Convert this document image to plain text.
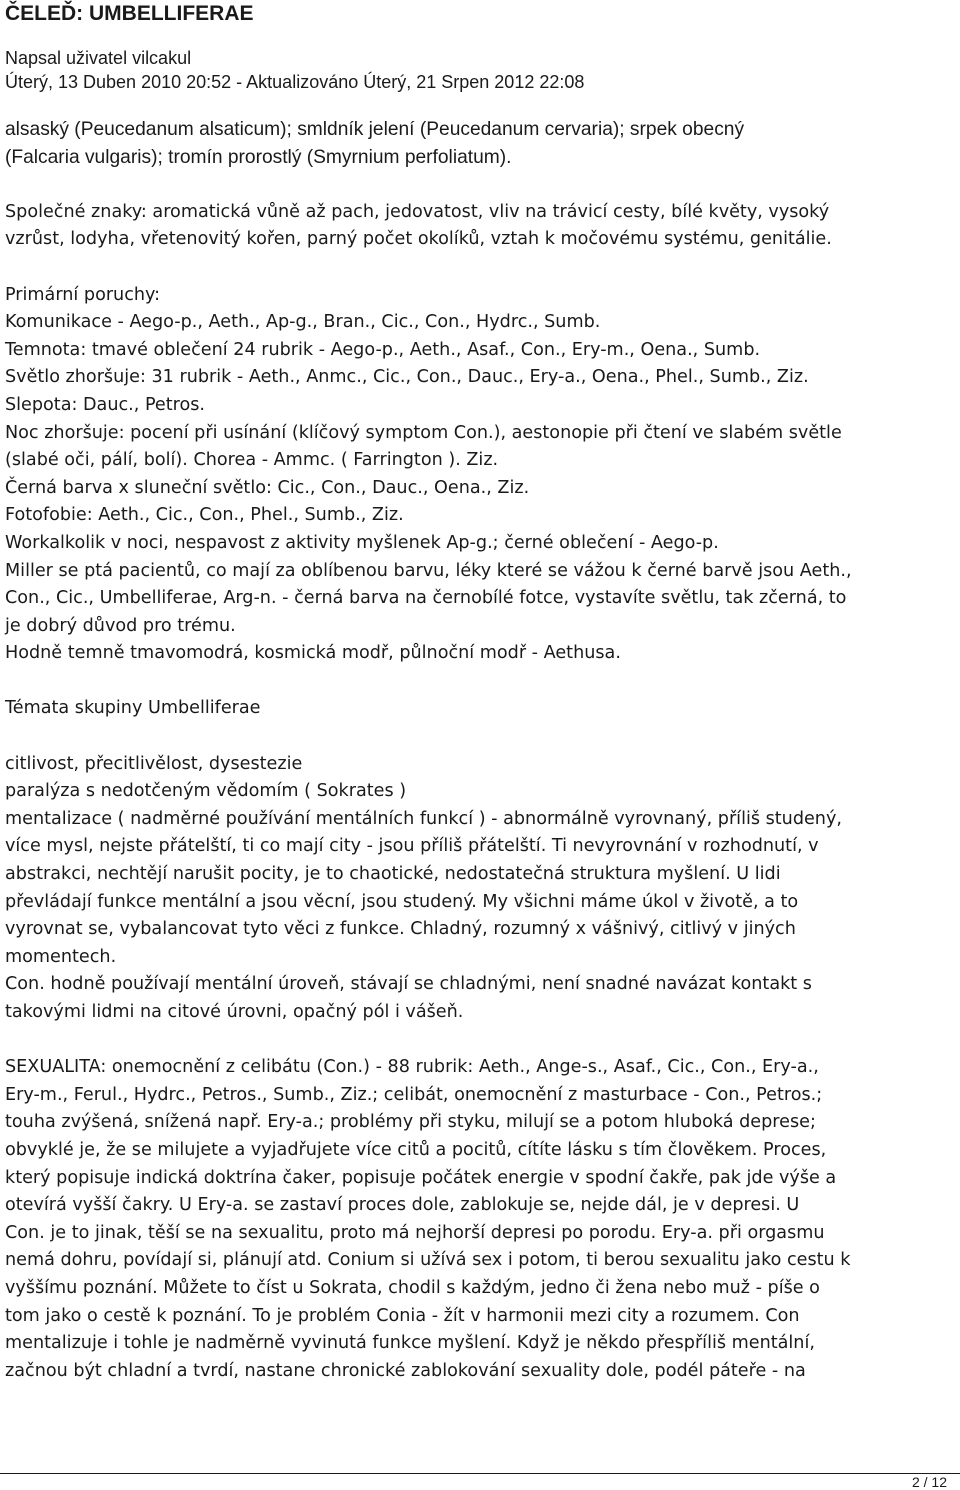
ČELEĎ: UMBELLIFERAE
Napsal uživatel vilcakul
Úterý, 13 Duben 2010 20:52 - Aktualizováno Úterý, 21 Srpen 2012 22:08

alsaský (Peucedanum alsaticum); smldník jelení (Peucedanum cervaria); srpek obecný
(Falcaria vulgaris); tromín prorostlý (Smyrnium perfoliatum).

Společné znaky: aromatická vůně až pach, jedovatost, vliv na trávicí cesty, bílé květy, vysoký
vzrůst, lodyha, vřetenovitý kořen, parný počet okolíků, vztah k močovému systému, genitálie.

Primární poruchy:
Komunikace - Aego-p., Aeth., Ap-g., Bran., Cic., Con., Hydrc., Sumb.
Temnota: tmavé oblečení 24 rubrik - Aego-p., Aeth., Asaf., Con., Ery-m., Oena., Sumb.
Světlo zhoršuje: 31 rubrik - Aeth., Anmc., Cic., Con., Dauc., Ery-a., Oena., Phel., Sumb., Ziz.
Slepota: Dauc., Petros.
Noc zhoršuje: pocení při usínání (klíčový symptom Con.), aestonopie při čtení ve slabém světle
(slabé oči, pálí, bolí). Chorea - Ammc. ( Farrington ). Ziz.
Černá barva x sluneční světlo: Cic., Con., Dauc., Oena., Ziz.
Fotofobie: Aeth., Cic., Con., Phel., Sumb., Ziz.
Workalkolik v noci, nespavost z aktivity myšlenek Ap-g.; černé oblečení - Aego-p.

Miller se ptá pacientů, co mají za oblíbenou barvu, léky které se vážou k černé barvě jsou Aeth.,
Con., Cic., Umbelliferae, Arg-n. - černá barva na černobílé fotce, vystavíte světlu, tak zčerná, to
je dobrý důvod pro trému.

Hodně temně tmavomodrá, kosmická modř, půlnoční modř - Aethusa.

Témata skupiny Umbelliferae
citlivost, přecitlivělost, dysestezie
paralýza s nedotčeným vědomím ( Sokrates )

mentalizace ( nadměrné používání mentálních funkcí ) - abnormálně vyrovnaný, příliš studený,
více mysl, nejste přátelští, ti co mají city - jsou příliš přátelští. Ti nevyrovnání v rozhodnutí, v
abstrakci, nechtějí narušit pocity, je to chaotické, nedostatečná struktura myšlení. U lidi
převládají funkce mentální a jsou věcní, jsou studený. My všichni máme úkol v životě, a to
vyrovnat se, vybalancovat tyto věci z funkce. Chladný, rozumný x vášnivý, citlivý v jiných
momentech.

Con. hodně používají mentální úroveň, stávají se chladnými, není snadné navázat kontakt s
takovými lidmi na citové úrovni, opačný pól i vášeň.

SEXUALITA: onemocnění z celibátu (Con.) - 88 rubrik: Aeth., Ange-s., Asaf., Cic., Con., Ery-a.,
Ery-m., Ferul., Hydrc., Petros., Sumb., Ziz.; celibát, onemocnění z masturbace - Con., Petros.;
touha zvýšená, snížená např. Ery-a.; problémy při styku, milují se a potom hluboká deprese;
obvyklé je, že se milujete a vyjadřujete více citů a pocitů, cítíte lásku s tím člověkem. Proces,
který popisuje indická doktrína čaker, popisuje počátek energie v spodní čakře, pak jde výše a
otevírá vyšší čakry. U Ery-a. se zastaví proces dole, zablokuje se, nejde dál, je v depresi. U
Con. je to jinak, těší se na sexualitu, proto má nejhorší depresi po porodu. Ery-a. při orgasmu
nemá dohru, povídají si, plánují atd. Conium si užívá sex i potom, ti berou sexualitu jako cestu k
vyššímu poznání. Můžete to číst u Sokrata, chodil s každým, jedno či žena nebo muž - píše o
tom jako o cestě k poznání. To je problém Conia - žít v harmonii mezi city a rozumem. Con
mentalizuje i tohle je nadměrně vyvinutá funkce myšlení. Když je někdo přespříliš mentální,
začnou být chladní a tvrdí, nastane chronické zablokování sexuality dole, podél páteře - na

2 / 12
